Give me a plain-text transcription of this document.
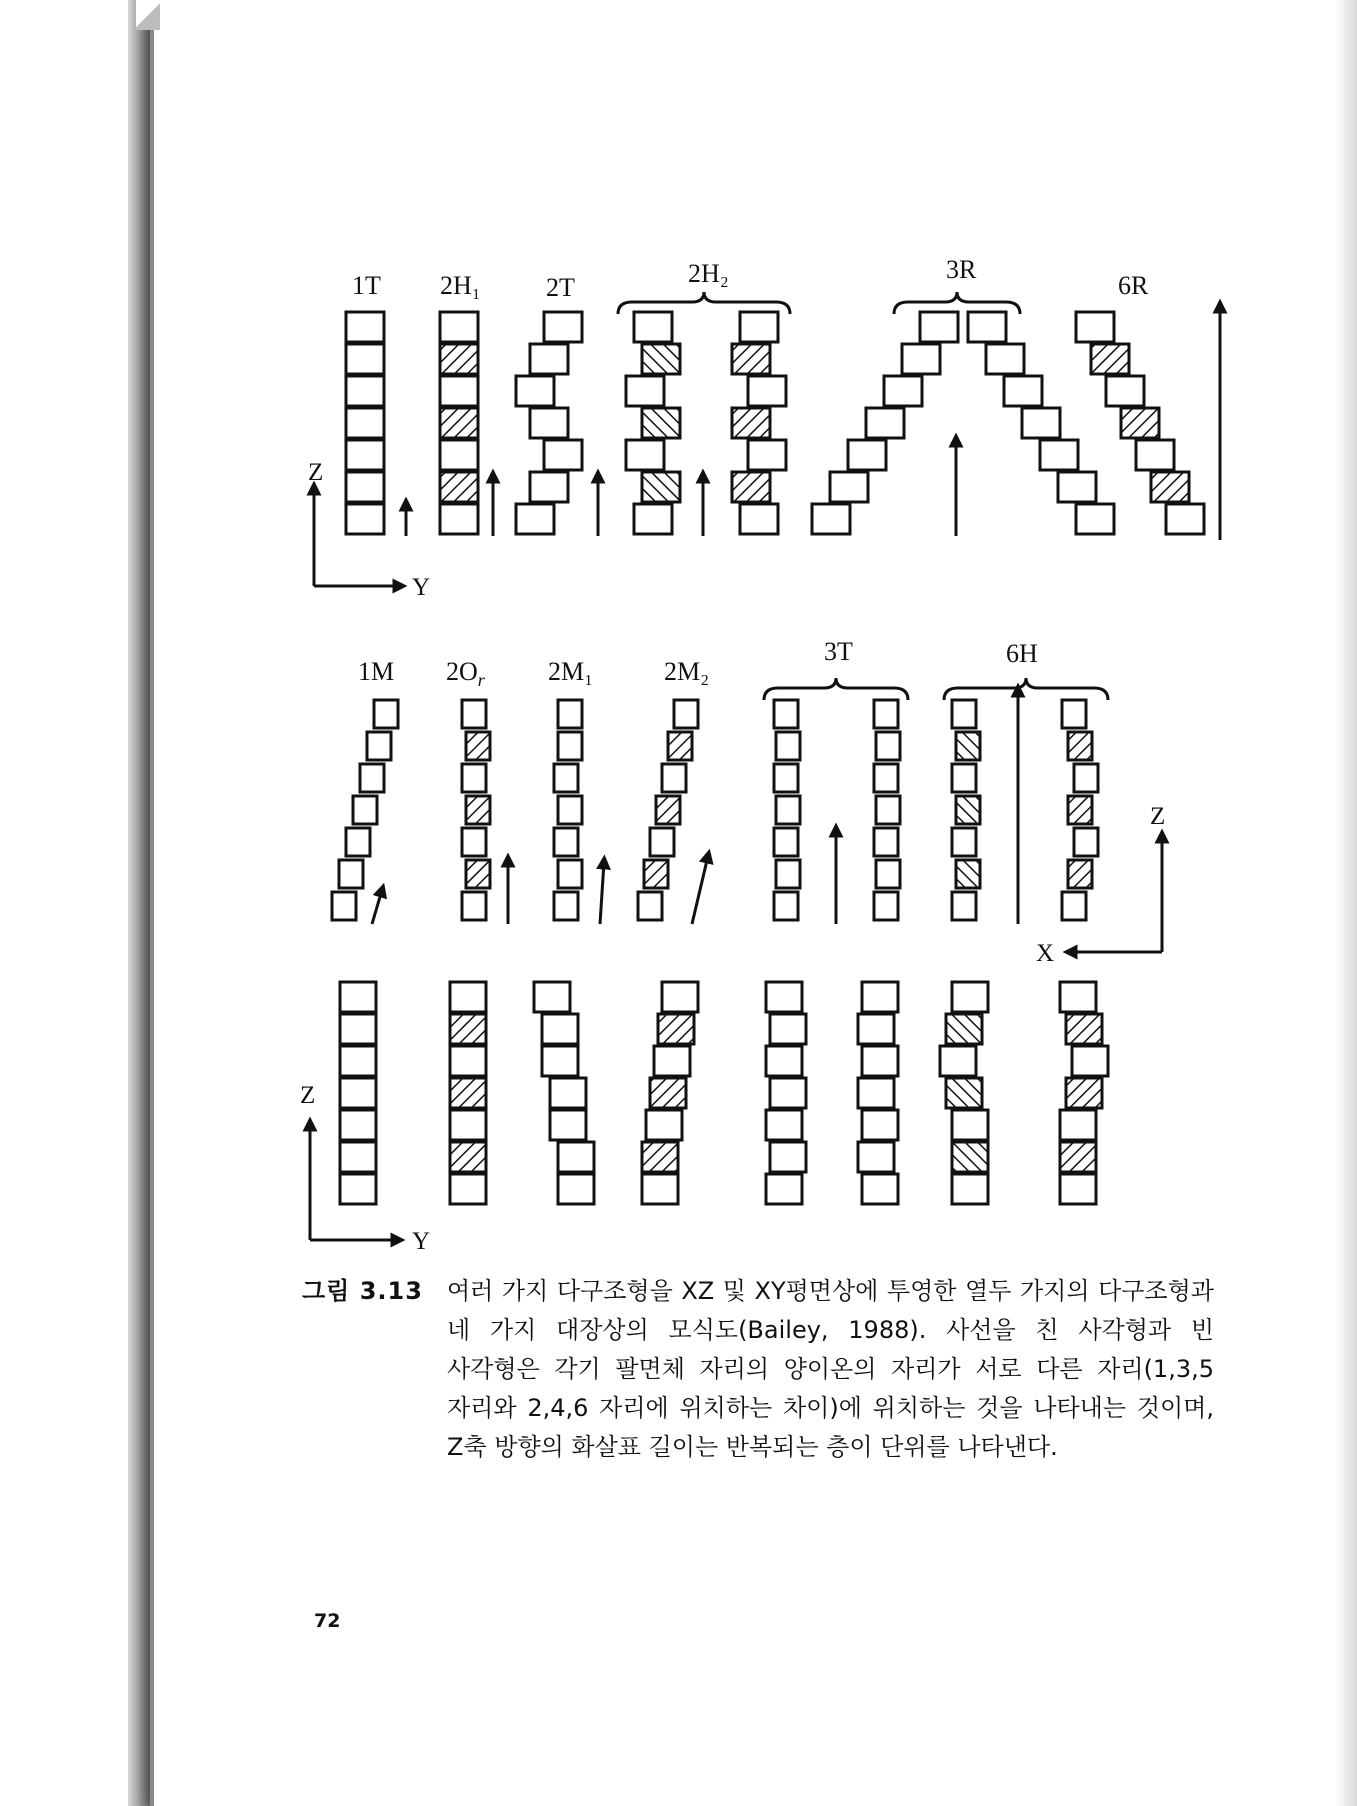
1T 2H₁	2T	2H₂	3R
6R
1M $2O_r$ 2M₁	2M₂
3T	6H
Z
Y
Z
X
Z
Y
그림 3.13	여러 가지 다구조형을 XZ 및 XY평면상에 투영한 열두 가지의 다구조형과 네 가지 대장상의 모식도(Bailey, 1988). 사선을 친 사각형과 빈 사각형은 각기 팔면체 자리의 양이온의 자리가 서로 다른 자리(1,3,5 자리와 2,4,6 자리에 위치하는 차이)에 위치하는 것을 나타내는 것이며, Z축 방향의 화살표 길이는 반복되는 층이 단위를 나타낸다.
72
